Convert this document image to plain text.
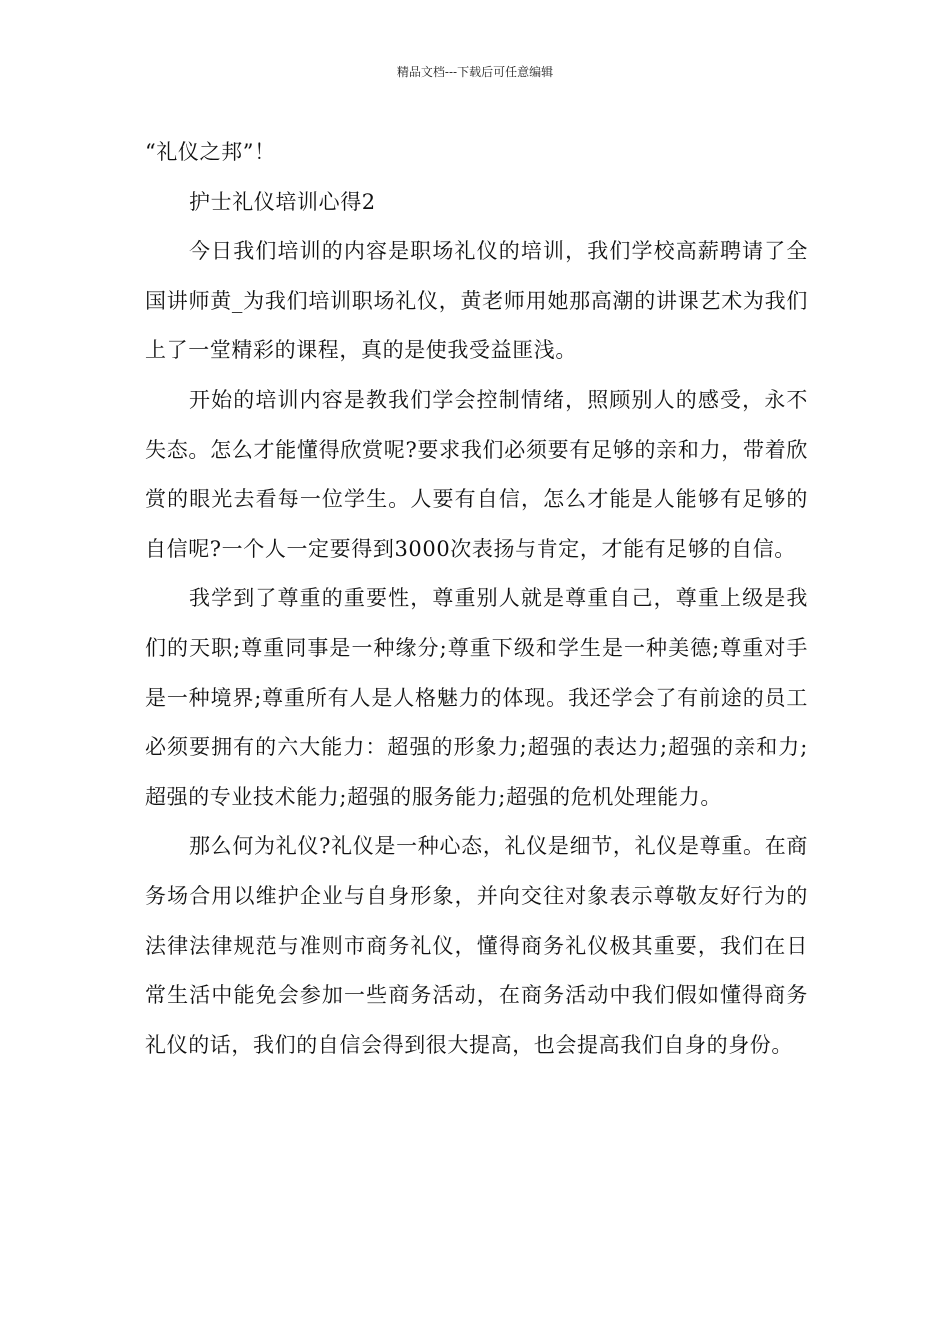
精品文档---下载后可任意编辑

“礼仪之邦”！

护士礼仪培训心得2

今日我们培训的内容是职场礼仪的培训，我们学校高薪聘请了全国讲师黄_为我们培训职场礼仪，黄老师用她那高潮的讲课艺术为我们上了一堂精彩的课程，真的是使我受益匪浅。

开始的培训内容是教我们学会控制情绪，照顾别人的感受，永不失态。怎么才能懂得欣赏呢?要求我们必须要有足够的亲和力，带着欣赏的眼光去看每一位学生。人要有自信，怎么才能是人能够有足够的自信呢?一个人一定要得到3000次表扬与肯定，才能有足够的自信。

我学到了尊重的重要性，尊重别人就是尊重自己，尊重上级是我们的天职;尊重同事是一种缘分;尊重下级和学生是一种美德;尊重对手是一种境界;尊重所有人是人格魅力的体现。我还学会了有前途的员工必须要拥有的六大能力：超强的形象力;超强的表达力;超强的亲和力;超强的专业技术能力;超强的服务能力;超强的危机处理能力。

那么何为礼仪?礼仪是一种心态，礼仪是细节，礼仪是尊重。在商务场合用以维护企业与自身形象，并向交往对象表示尊敬友好行为的法律法律规范与准则市商务礼仪，懂得商务礼仪极其重要，我们在日常生活中能免会参加一些商务活动，在商务活动中我们假如懂得商务礼仪的话，我们的自信会得到很大提高，也会提高我们自身的身份。
